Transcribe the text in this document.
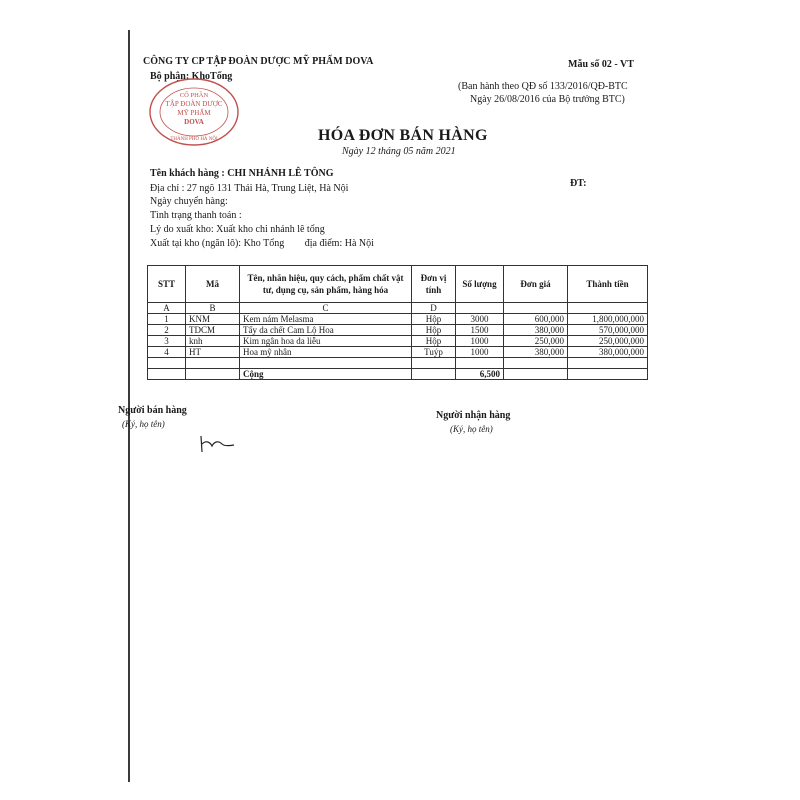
CÔNG TY CP TẬP ĐOÀN DƯỢC MỸ PHẨM DOVA
Bộ phận: KhoTổng
Mẫu số 02 - VT
(Ban hành theo QĐ số 133/2016/QĐ-BTC
Ngày 26/08/2016 của Bộ trưởng BTC)
CỔ PHẦN
TẬP ĐOÀN DƯỢC
MỸ PHẨM
DOVA
THÀNH PHỐ HÀ NỘI	HÓA ĐƠN BÁN HÀNG
Ngày 12 tháng 05 năm 2021
Tên khách hàng : CHI NHÁNH LÊ TÔNG
ĐT:
Địa chỉ : 27 ngõ 131 Thái Hà, Trung Liệt, Hà Nội
Ngày chuyển hàng:
Tình trạng thanh toán :
Lý do xuất kho: Xuất kho chi nhánh lê tổng
Xuất tại kho (ngăn lô): Kho Tổng địa điểm: Hà Nội
STT	Mã	Tên, nhãn hiệu, quy cách, phẩm chất vật tư, dụng cụ, sản phẩm, hàng hóa	Đơn vị tính	Số lượng	Đơn giá	Thành tiền
A	B	C	D			
1	KNM	Kem nám Melasma	Hộp	3000	600,000	1,800,000,000
2	TDCM	Tẩy da chết Cam Lộ Hoa	Hộp	1500	380,000	570,000,000
3	knh	Kim ngân hoa da liễu	Hộp	1000	250,000	250,000,000
4	HT	Hoa mỹ nhân	Tuýp	1000	380,000	380,000,000

		Cộng		6,500		
Người bán hàng
(Ký, họ tên)
Người nhận hàng
(Ký, họ tên)
